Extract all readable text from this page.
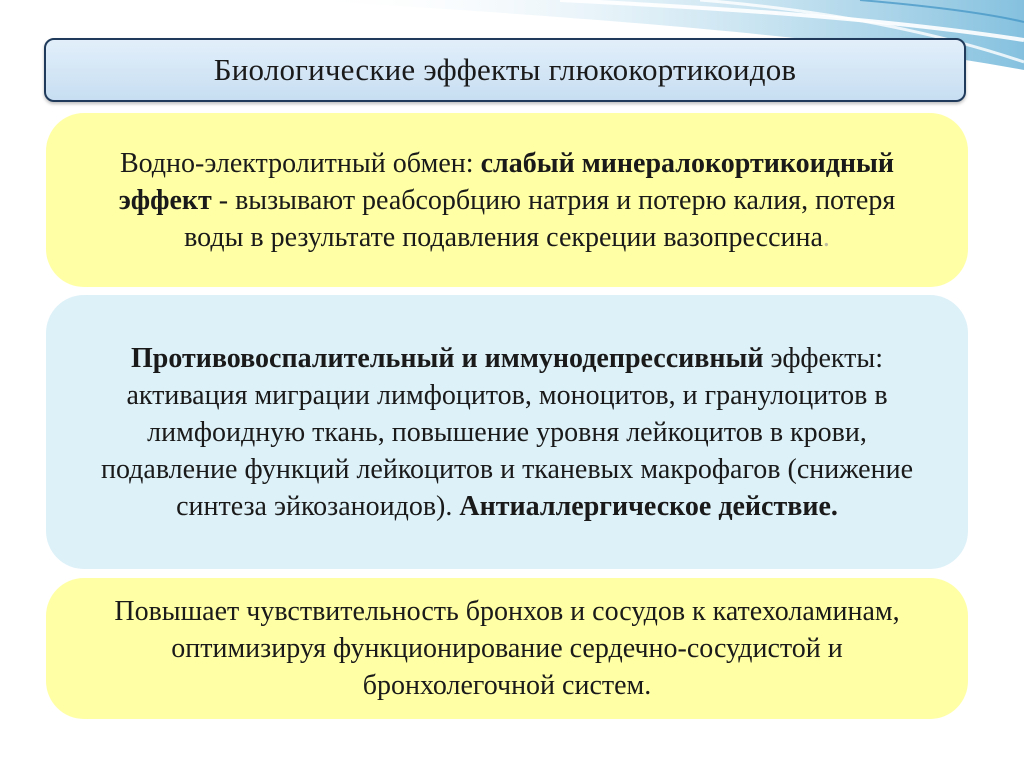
Биологические эффекты глюкокортикоидов

Водно-электролитный обмен: слабый минералокортикоидный эффект - вызывают реабсорбцию натрия и потерю калия, потеря воды в результате подавления секреции вазопрессина.

Противовоспалительный и иммунодепрессивный эффекты: активация миграции лимфоцитов, моноцитов, и гранулоцитов в лимфоидную ткань, повышение уровня лейкоцитов в крови, подавление функций лейкоцитов и тканевых макрофагов (снижение синтеза эйкозаноидов). Антиаллергическое действие.

Повышает чувствительность бронхов и сосудов к катехоламинам, оптимизируя функционирование сердечно-сосудистой и бронхолегочной систем.
